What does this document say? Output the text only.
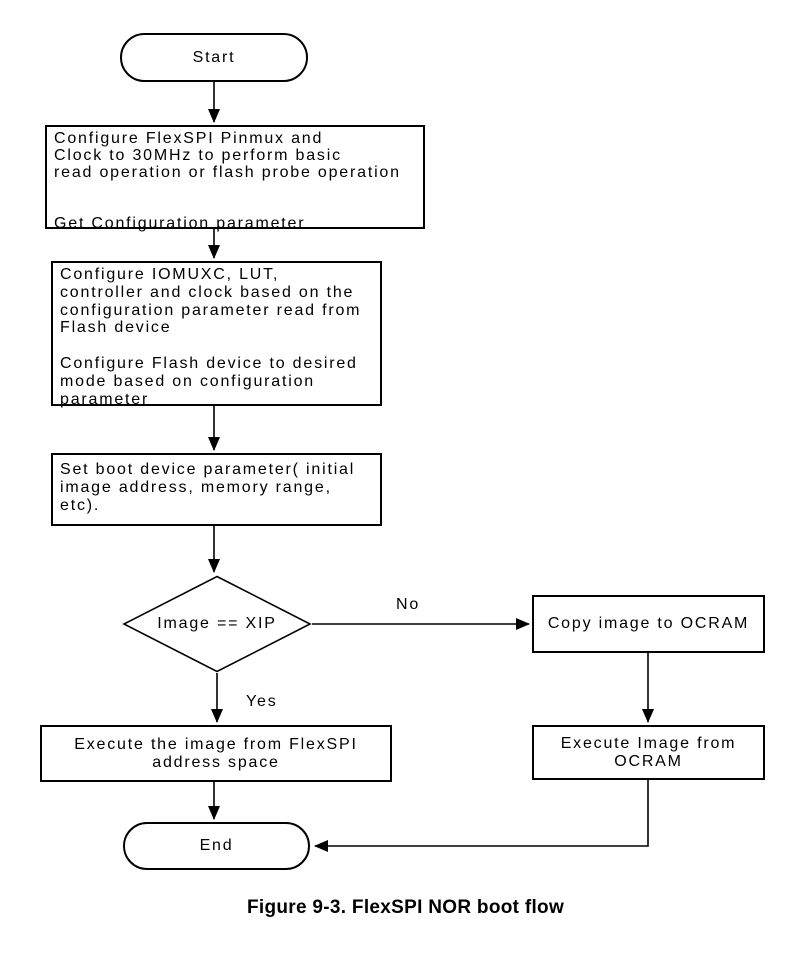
Start
Configure FlexSPI Pinmux and
Clock to 30MHz to perform basic
read operation or flash probe operation
Get Configuration parameter
Configure IOMUXC, LUT,
controller and clock based on the
configuration parameter read from
Flash device
Configure Flash device to desired
mode based on configuration
parameter
Set boot device parameter( initial
image address, memory range,
etc).
Image == XIP
No
Yes
Copy image to OCRAM
Execute Image from
OCRAM
Execute the image from FlexSPI
address space
End
Figure 9-3. FlexSPI NOR boot flow
